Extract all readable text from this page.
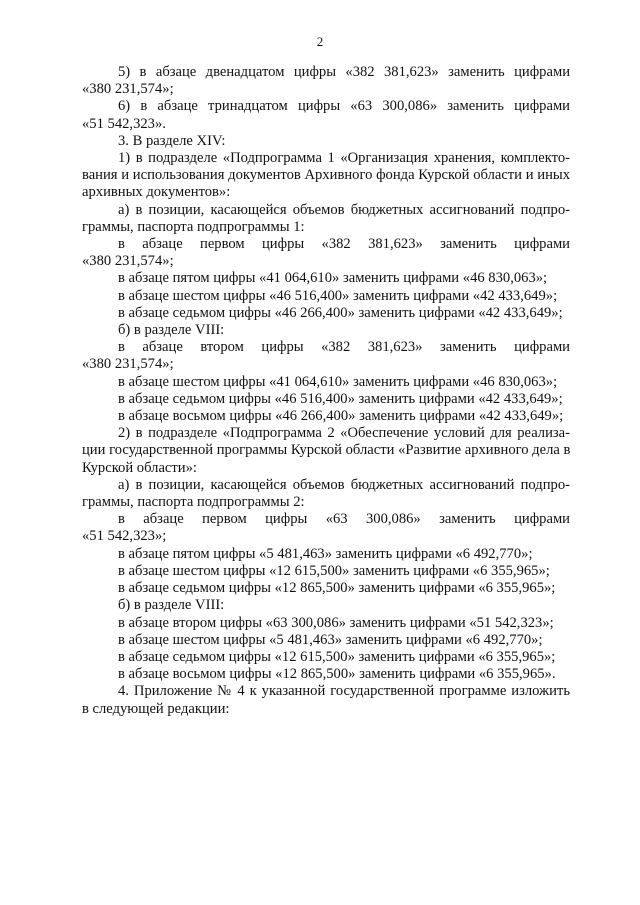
2
5) в абзаце двенадцатом цифры «382 381,623» заменить цифрами
«380 231,574»;
6) в абзаце тринадцатом цифры «63 300,086» заменить цифрами
«51 542,323».
3. В разделе XIV:
1) в подразделе «Подпрограмма 1 «Организация хранения, комплекто-
вания и использования документов Архивного фонда Курской области и иных
архивных документов»:
а) в позиции, касающейся объемов бюджетных ассигнований подпро-
граммы, паспорта подпрограммы 1:
в абзаце первом цифры «382 381,623» заменить цифрами
«380 231,574»;
в абзаце пятом цифры «41 064,610» заменить цифрами «46 830,063»;
в абзаце шестом цифры «46 516,400» заменить цифрами «42 433,649»;
в абзаце седьмом цифры «46 266,400» заменить цифрами «42 433,649»;
б) в разделе VIII:
в абзаце втором цифры «382 381,623» заменить цифрами
«380 231,574»;
в абзаце шестом цифры «41 064,610» заменить цифрами «46 830,063»;
в абзаце седьмом цифры «46 516,400» заменить цифрами «42 433,649»;
в абзаце восьмом цифры «46 266,400» заменить цифрами «42 433,649»;
2) в подразделе «Подпрограмма 2 «Обеспечение условий для реализа-
ции государственной программы Курской области «Развитие архивного дела в
Курской области»:
а) в позиции, касающейся объемов бюджетных ассигнований подпро-
граммы, паспорта подпрограммы 2:
в абзаце первом цифры «63 300,086» заменить цифрами
«51 542,323»;
в абзаце пятом цифры «5 481,463» заменить цифрами «6 492,770»;
в абзаце шестом цифры «12 615,500» заменить цифрами «6 355,965»;
в абзаце седьмом цифры «12 865,500» заменить цифрами «6 355,965»;
б) в разделе VIII:
в абзаце втором цифры «63 300,086» заменить цифрами «51 542,323»;
в абзаце шестом цифры «5 481,463» заменить цифрами «6 492,770»;
в абзаце седьмом цифры «12 615,500» заменить цифрами «6 355,965»;
в абзаце восьмом цифры «12 865,500» заменить цифрами «6 355,965».
4. Приложение № 4 к указанной государственной программе изложить
в следующей редакции:
